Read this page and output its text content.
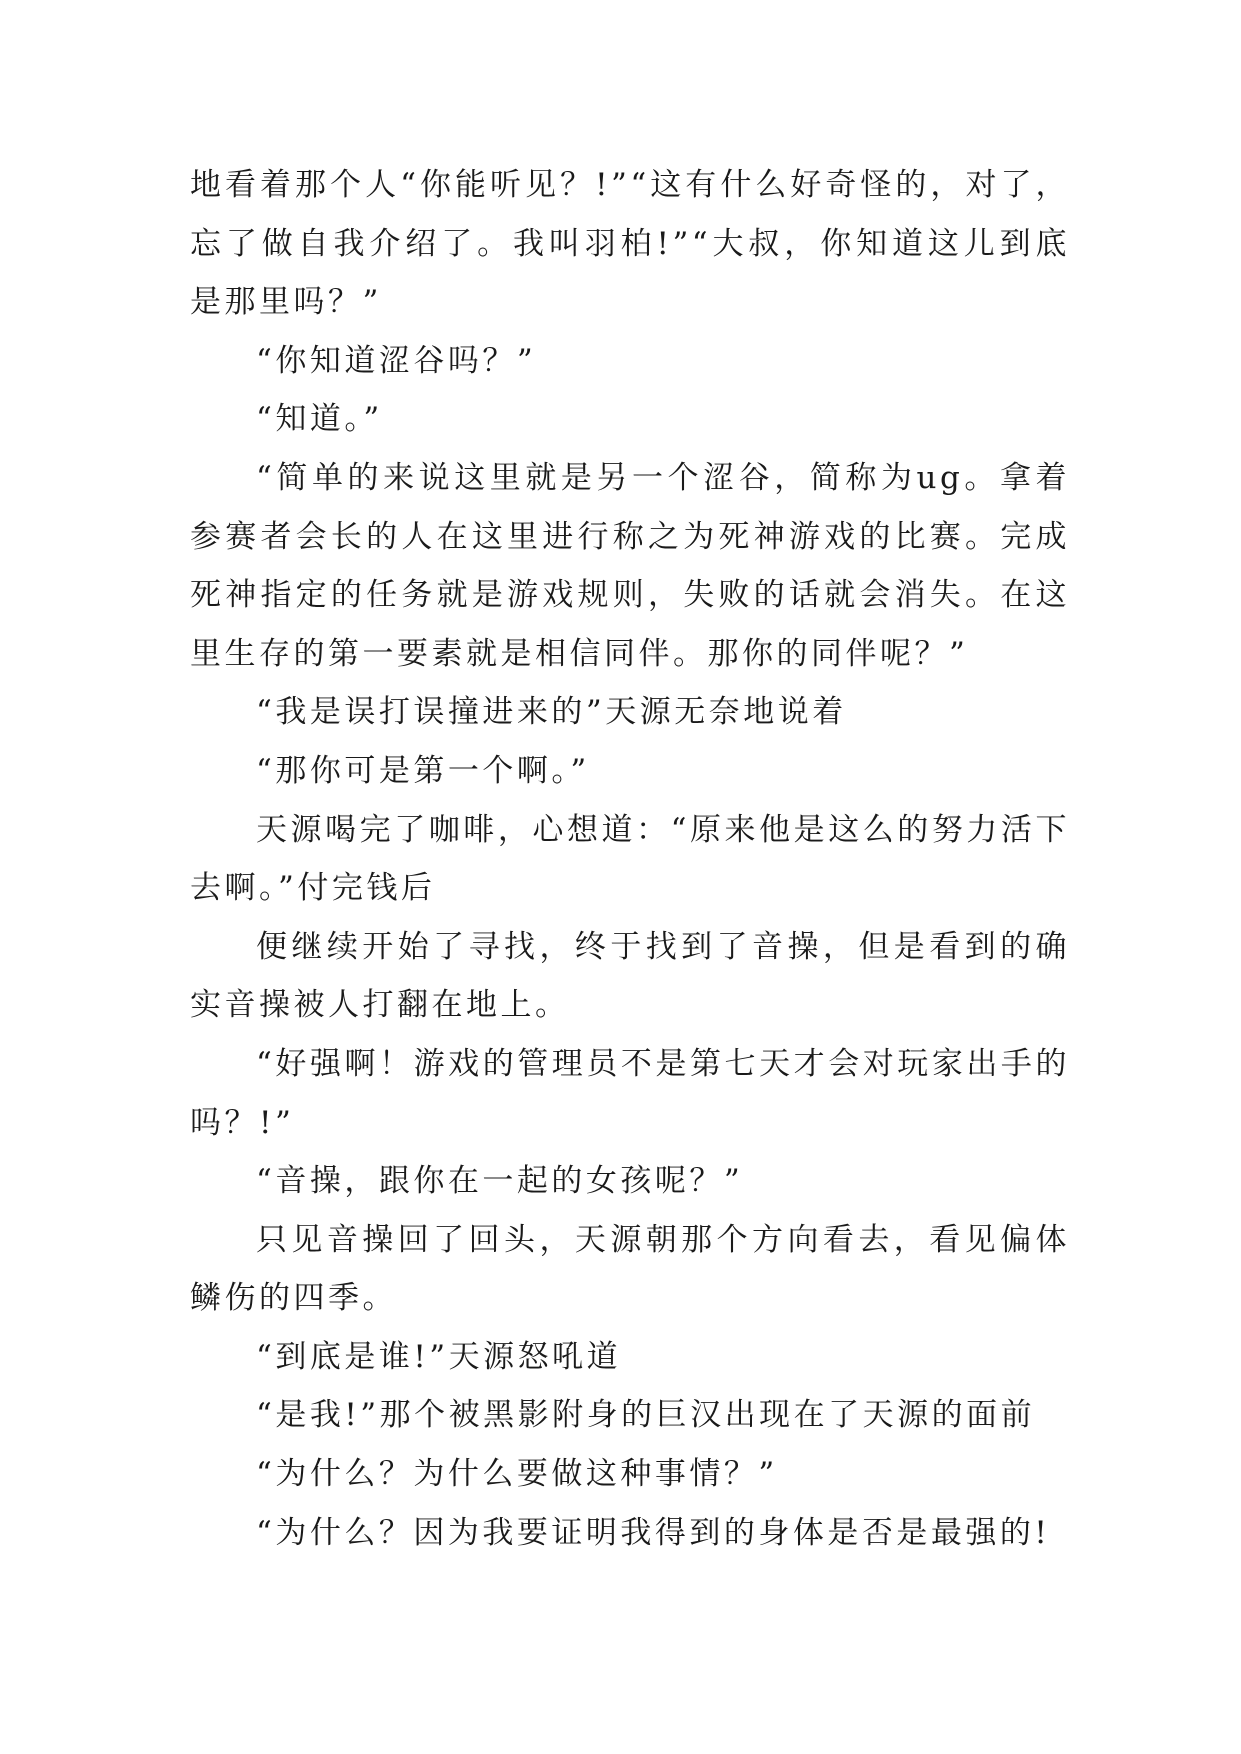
地看着那个人“你能听见？!”“这有什么好奇怪的，对了，忘了做自我介绍了。我叫羽柏!”“大叔，你知道这儿到底是那里吗？”

“你知道涩谷吗？”

“知道。”

“简单的来说这里就是另一个涩谷，简称为ug。拿着参赛者会长的人在这里进行称之为死神游戏的比赛。完成死神指定的任务就是游戏规则，失败的话就会消失。在这里生存的第一要素就是相信同伴。那你的同伴呢？”

“我是误打误撞进来的”天源无奈地说着

“那你可是第一个啊。”

天源喝完了咖啡，心想道：“原来他是这么的努力活下去啊。”付完钱后

便继续开始了寻找，终于找到了音操，但是看到的确实音操被人打翻在地上。

“好强啊！游戏的管理员不是第七天才会对玩家出手的吗？!”

“音操，跟你在一起的女孩呢？”

只见音操回了回头，天源朝那个方向看去，看见偏体鳞伤的四季。

“到底是谁!”天源怒吼道

“是我!”那个被黑影附身的巨汉出现在了天源的面前

“为什么？为什么要做这种事情？”

“为什么？因为我要证明我得到的身体是否是最强的!
